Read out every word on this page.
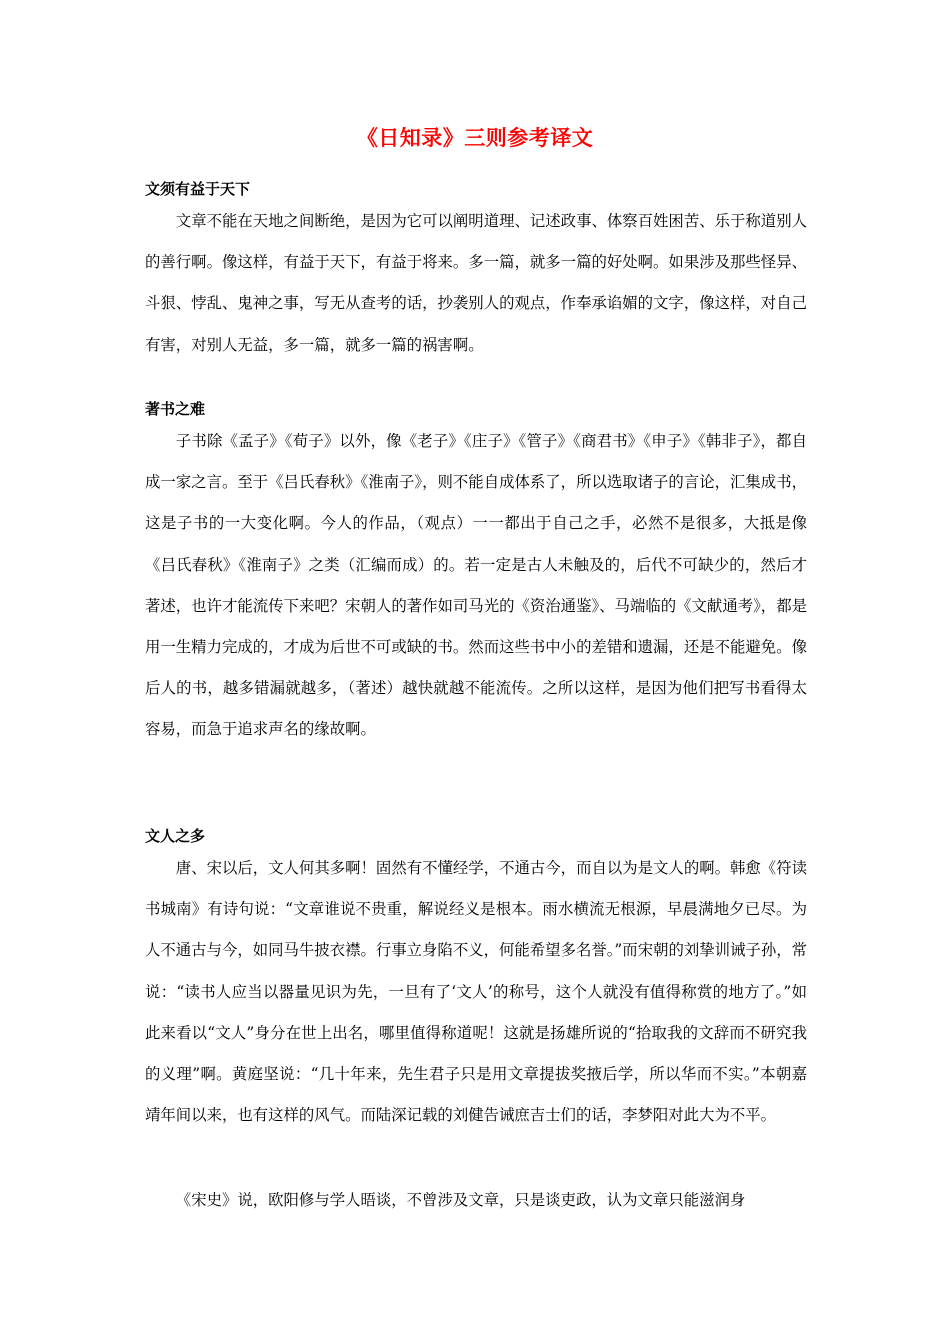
《日知录》三则参考译文
文须有益于天下

文章不能在天地之间断绝，是因为它可以阐明道理、记述政事、体察百姓困苦、乐于称道别人的善行啊。像这样，有益于天下，有益于将来。多一篇，就多一篇的好处啊。如果涉及那些怪异、斗狠、悖乱、鬼神之事，写无从查考的话，抄袭别人的观点，作奉承谄媚的文字，像这样，对自己有害，对别人无益，多一篇，就多一篇的祸害啊。

著书之难

子书除《孟子》《荀子》以外，像《老子》《庄子》《管子》《商君书》《申子》《韩非子》，都自成一家之言。至于《吕氏春秋》《淮南子》，则不能自成体系了，所以选取诸子的言论，汇集成书，这是子书的一大变化啊。今人的作品，（观点）一一都出于自己之手，必然不是很多，大抵是像《吕氏春秋》《淮南子》之类（汇编而成）的。若一定是古人未触及的，后代不可缺少的，然后才著述，也许才能流传下来吧？宋朝人的著作如司马光的《资治通鉴》、马端临的《文献通考》，都是用一生精力完成的，才成为后世不可或缺的书。然而这些书中小的差错和遗漏，还是不能避免。像后人的书，越多错漏就越多，（著述）越快就越不能流传。之所以这样，是因为他们把写书看得太容易，而急于追求声名的缘故啊。

文人之多

唐、宋以后，文人何其多啊！固然有不懂经学，不通古今，而自以为是文人的啊。韩愈《符读书城南》有诗句说：“文章谁说不贵重，解说经义是根本。雨水横流无根源，早晨满地夕已尽。为人不通古与今，如同马牛披衣襟。行事立身陷不义，何能希望多名誉。”而宋朝的刘挚训诫子孙，常说：“读书人应当以器量见识为先，一旦有了‘文人’的称号，这个人就没有值得称赏的地方了。”如此来看以“文人”身分在世上出名，哪里值得称道呢！这就是扬雄所说的“拾取我的文辞而不研究我的义理”啊。黄庭坚说：“几十年来，先生君子只是用文章提拔奖掖后学，所以华而不实。”本朝嘉靖年间以来，也有这样的风气。而陆深记载的刘健告诫庶吉士们的话，李梦阳对此大为不平。

《宋史》说，欧阳修与学人晤谈，不曾涉及文章，只是谈吏政，认为文章只能滋润身
